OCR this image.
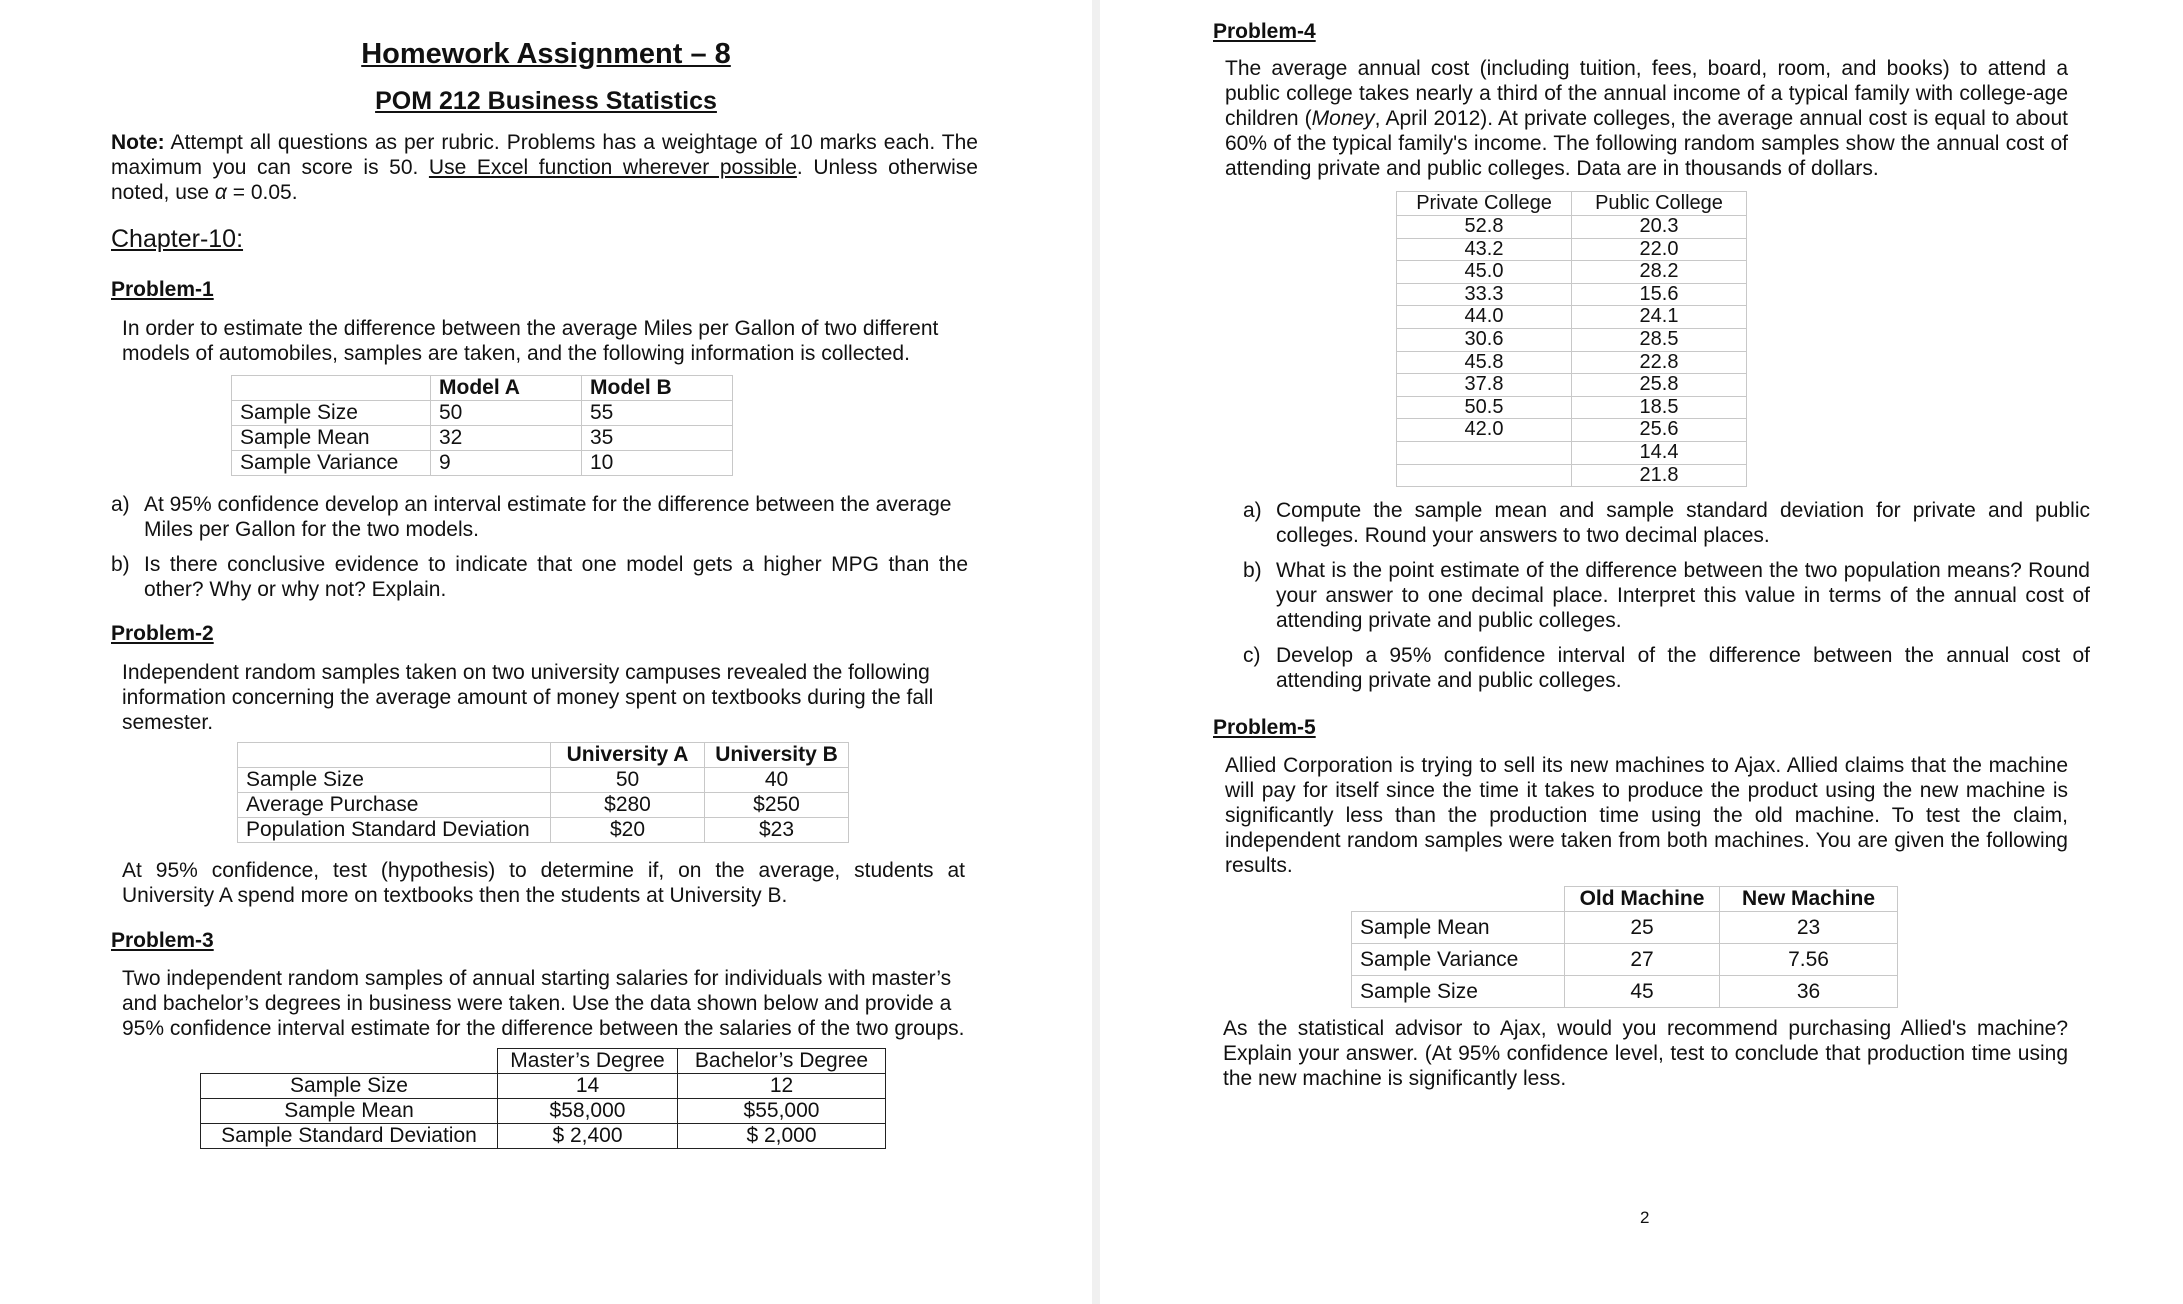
Homework Assignment – 8
POM 212 Business Statistics
Note: Attempt all questions as per rubric. Problems has a weightage of 10 marks each. The maximum you can score is 50. Use Excel function wherever possible. Unless otherwise noted, use α = 0.05.
Chapter-10:
Problem-1
In order to estimate the difference between the average Miles per Gallon of two different models of automobiles, samples are taken, and the following information is collected.
	Model A	Model B
Sample Size	50	55
Sample Mean	32	35
Sample Variance	9	10
a) At 95% confidence develop an interval estimate for the difference between the average Miles per Gallon for the two models.
b) Is there conclusive evidence to indicate that one model gets a higher MPG than the other? Why or why not? Explain.
Problem-2
Independent random samples taken on two university campuses revealed the following information concerning the average amount of money spent on textbooks during the fall semester.
	University A	University B
Sample Size	50	40
Average Purchase	$280	$250
Population Standard Deviation	$20	$23
At 95% confidence, test (hypothesis) to determine if, on the average, students at University A spend more on textbooks then the students at University B.
Problem-3
Two independent random samples of annual starting salaries for individuals with master’s and bachelor’s degrees in business were taken. Use the data shown below and provide a 95% confidence interval estimate for the difference between the salaries of the two groups.
	Master’s Degree	Bachelor’s Degree
Sample Size	14	12
Sample Mean	$58,000	$55,000
Sample Standard Deviation	$ 2,400	$ 2,000
Problem-4
The average annual cost (including tuition, fees, board, room, and books) to attend a public college takes nearly a third of the annual income of a typical family with college-age children (Money, April 2012). At private colleges, the average annual cost is equal to about 60% of the typical family's income. The following random samples show the annual cost of attending private and public colleges. Data are in thousands of dollars.
Private College	Public College
52.8	20.3
43.2	22.0
45.0	28.2
33.3	15.6
44.0	24.1
30.6	28.5
45.8	22.8
37.8	25.8
50.5	18.5
42.0	25.6
	14.4
	21.8
a) Compute the sample mean and sample standard deviation for private and public colleges. Round your answers to two decimal places.
b) What is the point estimate of the difference between the two population means? Round your answer to one decimal place. Interpret this value in terms of the annual cost of attending private and public colleges.
c) Develop a 95% confidence interval of the difference between the annual cost of attending private and public colleges.
Problem-5
Allied Corporation is trying to sell its new machines to Ajax. Allied claims that the machine will pay for itself since the time it takes to produce the product using the new machine is significantly less than the production time using the old machine. To test the claim, independent random samples were taken from both machines. You are given the following results.
	Old Machine	New Machine
Sample Mean	25	23
Sample Variance	27	7.56
Sample Size	45	36
As the statistical advisor to Ajax, would you recommend purchasing Allied's machine? Explain your answer. (At 95% confidence level, test to conclude that production time using the new machine is significantly less.
2
